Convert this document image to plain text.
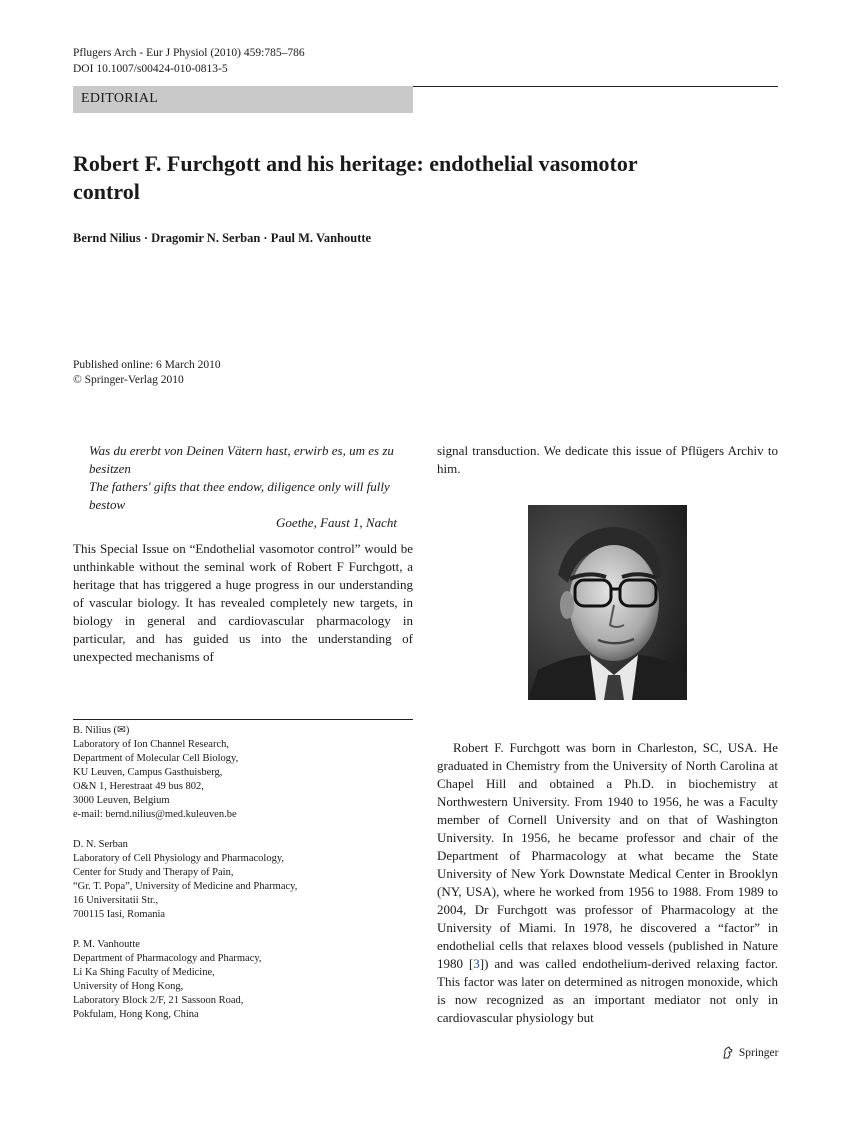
Pflugers Arch - Eur J Physiol (2010) 459:785–786
DOI 10.1007/s00424-010-0813-5
EDITORIAL
Robert F. Furchgott and his heritage: endothelial vasomotor control
Bernd Nilius · Dragomir N. Serban · Paul M. Vanhoutte
Published online: 6 March 2010
© Springer-Verlag 2010
Was du ererbt von Deinen Vätern hast, erwirb es, um es zu besitzen
The fathers' gifts that thee endow, diligence only will fully bestow
Goethe, Faust 1, Nacht
This Special Issue on “Endothelial vasomotor control” would be unthinkable without the seminal work of Robert F Furchgott, a heritage that has triggered a huge progress in our understanding of vascular biology. It has revealed completely new targets, in biology in general and cardiovascular pharmacology in particular, and has guided us into the understanding of unexpected mechanisms of
signal transduction. We dedicate this issue of Pflügers Archiv to him.
Robert F. Furchgott was born in Charleston, SC, USA. He graduated in Chemistry from the University of North Carolina at Chapel Hill and obtained a Ph.D. in biochemistry at Northwestern University. From 1940 to 1956, he was a Faculty member of Cornell University and on that of Washington University. In 1956, he became professor and chair of the Department of Pharmacology at what became the State University of New York Downstate Medical Center in Brooklyn (NY, USA), where he worked from 1956 to 1988. From 1989 to 2004, Dr Furchgott was professor of Pharmacology at the University of Miami. In 1978, he discovered a “factor” in endothelial cells that relaxes blood vessels (published in Nature 1980 [3]) and was called endothelium-derived relaxing factor. This factor was later on determined as nitrogen monoxide, which is now recognized as an important mediator not only in cardiovascular physiology but
B. Nilius (✉)
Laboratory of Ion Channel Research,
Department of Molecular Cell Biology,
KU Leuven, Campus Gasthuisberg,
O&N 1, Herestraat 49 bus 802,
3000 Leuven, Belgium
e-mail: bernd.nilius@med.kuleuven.be
D. N. Serban
Laboratory of Cell Physiology and Pharmacology,
Center for Study and Therapy of Pain,
“Gr. T. Popa”, University of Medicine and Pharmacy,
16 Universitatii Str.,
700115 Iasi, Romania
P. M. Vanhoutte
Department of Pharmacology and Pharmacy,
Li Ka Shing Faculty of Medicine,
University of Hong Kong,
Laboratory Block 2/F, 21 Sassoon Road,
Pokfulam, Hong Kong, China
Springer
